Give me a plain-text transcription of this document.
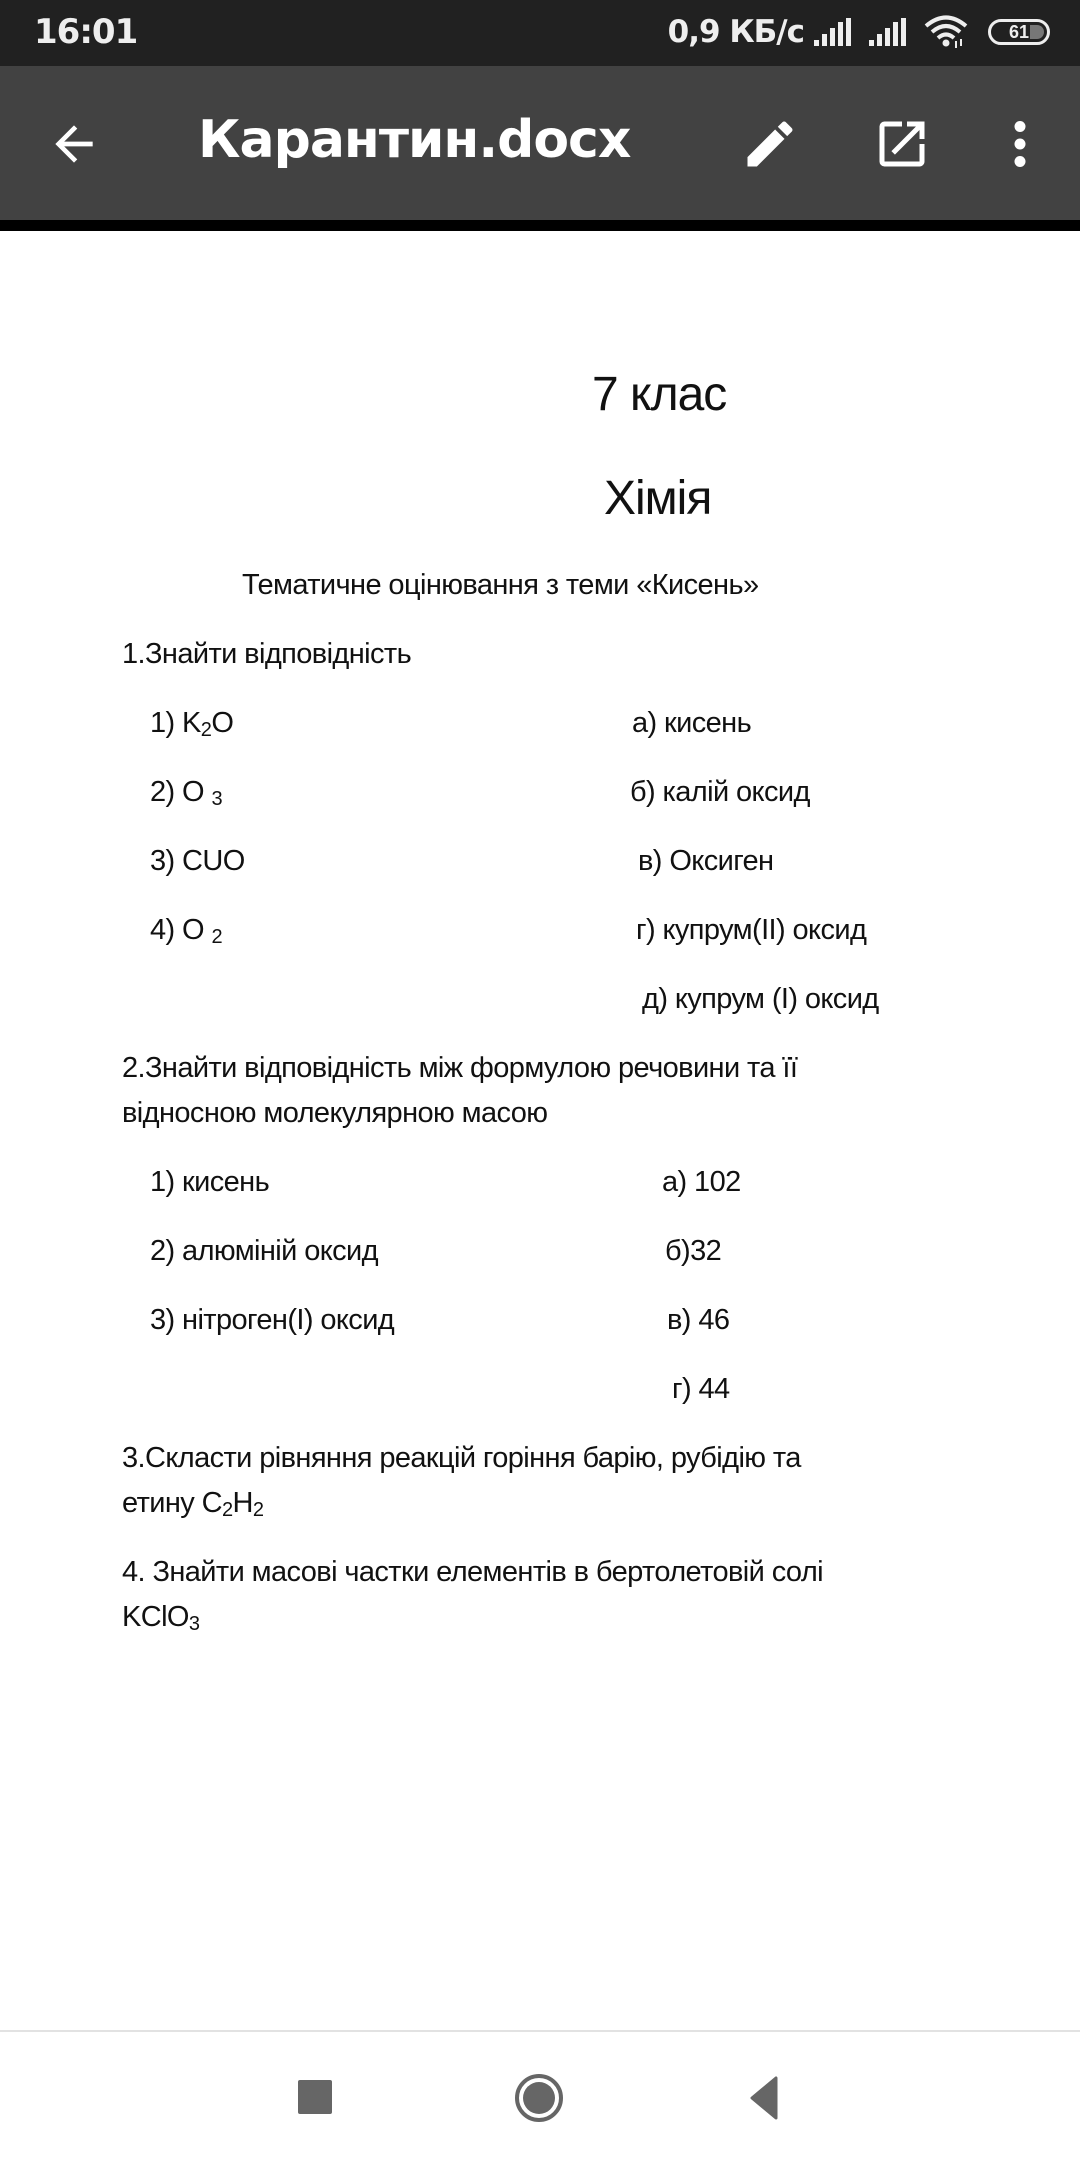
16:01	0,9 КБ/с	61
Карантин.docx
7 клас
Хімія
Тематичне оцінювання з теми «Кисень»
1.Знайти відповідність
1) $K_2O$
2) O $_3$
3) CUO
4) O $_2$
а) кисень
б) калій оксид
в) Оксиген
г) купрум(ІІ) оксид
д) купрум (І) оксид
2.Знайти відповідність між формулою речовини та її
відносною молекулярною масою
1) кисень
2) алюміній оксид
3) нітроген(І) оксид
а) 102
б)32
в) 46
г) 44
3.Скласти рівняння реакцій горіння барію, рубідію та
етину $C_2H_2$
4. Знайти масові частки елементів в бертолетовій солі
KClO$_3$
